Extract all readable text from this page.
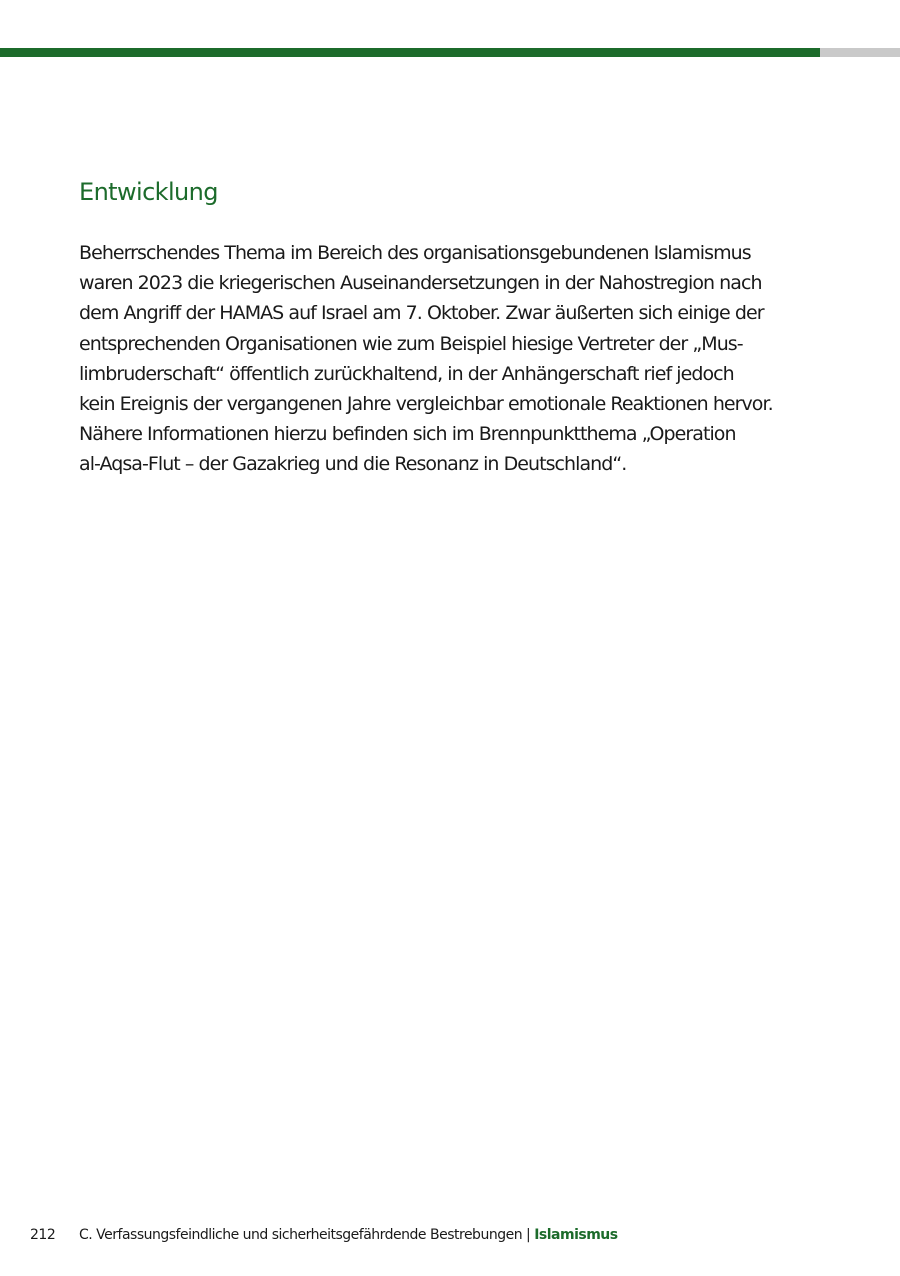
Entwicklung
Beherrschendes Thema im Bereich des organisationsgebundenen Islamismus
waren 2023 die kriegerischen Auseinandersetzungen in der Nahostregion nach
dem Angriff der HAMAS auf Israel am 7. Oktober. Zwar äußerten sich einige der
entsprechenden Organisationen wie zum Beispiel hiesige Vertreter der „Mus-
limbruderschaft“ öffentlich zurückhaltend, in der Anhängerschaft rief jedoch
kein Ereignis der vergangenen Jahre vergleichbar emotionale Reaktionen hervor.
Nähere Informationen hierzu befinden sich im Brennpunktthema „Operation
al-Aqsa-Flut – der Gazakrieg und die Resonanz in Deutschland“.
212 C. Verfassungsfeindliche und sicherheitsgefährdende Bestrebungen | Islamismus
